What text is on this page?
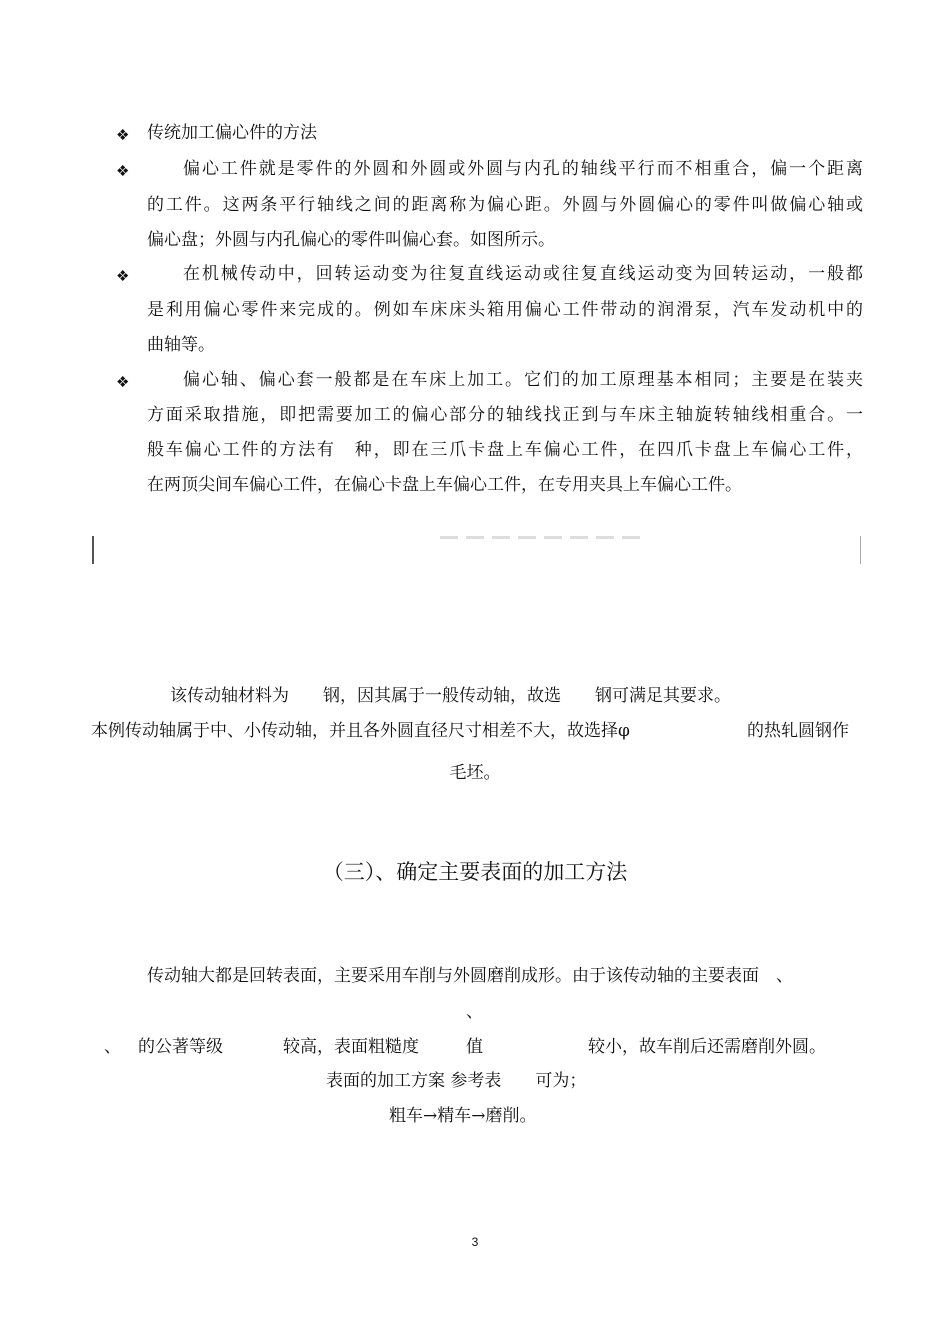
❖ 传统加工偏心件的方法
❖	偏心工件就是零件的外圆和外圆或外圆与内孔的轴线平行而不相重合，偏一个距离
的工件。这两条平行轴线之间的距离称为偏心距。外圆与外圆偏心的零件叫做偏心轴或
偏心盘；外圆与内孔偏心的零件叫偏心套。如图所示。
❖	在机械传动中，回转运动变为往复直线运动或往复直线运动变为回转运动，一般都
是利用偏心零件来完成的。例如车床床头箱用偏心工件带动的润滑泵，汽车发动机中的
曲轴等。
❖	偏心轴、偏心套一般都是在车床上加工。它们的加工原理基本相同；主要是在装夹
方面采取措施，即把需要加工的偏心部分的轴线找正到与车床主轴旋转轴线相重合。一
般车偏心工件的方法有　种，即在三爪卡盘上车偏心工件，在四爪卡盘上车偏心工件，
在两顶尖间车偏心工件，在偏心卡盘上车偏心工件，在专用夹具上车偏心工件。
该传动轴材料为　　钢，因其属于一般传动轴，故选　　钢可满足其要求。
本例传动轴属于中、小传动轴，并且各外圆直径尺寸相差不大，故选择φ	的热轧圆钢作
毛坯。
（三）、确定主要表面的加工方法
传动轴大都是回转表面，主要采用车削与外圆磨削成形。由于该传动轴的主要表面　、
、
、 的公著等级	较高，表面粗糙度	值	较小，故车削后还需磨削外圆。
表面的加工方案 参考表　　可为；
粗车→精车→磨削。
3
